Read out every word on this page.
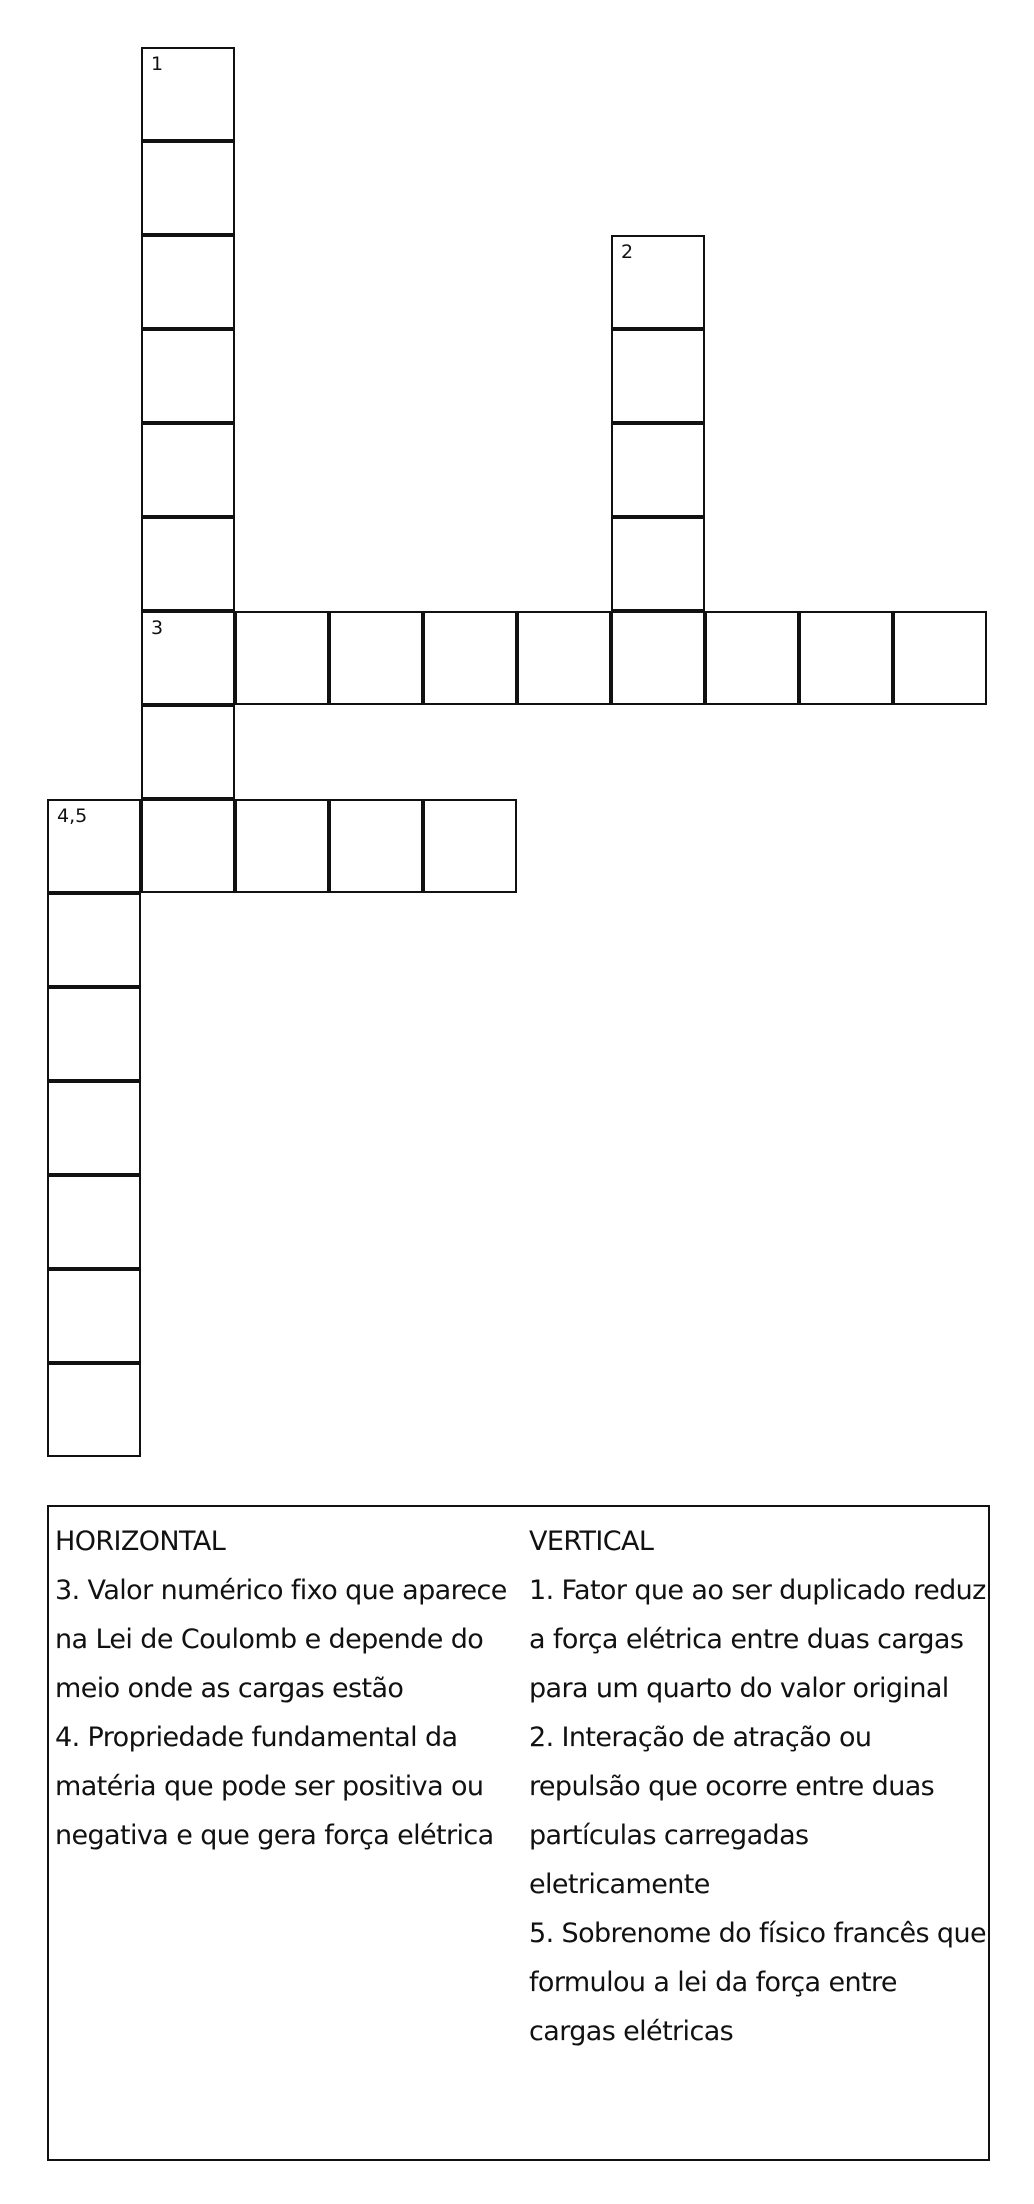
1
3
2
4,5
HORIZONTAL
3. Valor numérico fixo que aparece na Lei de Coulomb e depende do meio onde as cargas estão
4. Propriedade fundamental da matéria que pode ser positiva ou negativa e que gera força elétrica
VERTICAL
1. Fator que ao ser duplicado reduz a força elétrica entre duas cargas para um quarto do valor original
2. Interação de atração ou repulsão que ocorre entre duas partículas carregadas eletricamente
5. Sobrenome do físico francês que formulou a lei da força entre cargas elétricas
